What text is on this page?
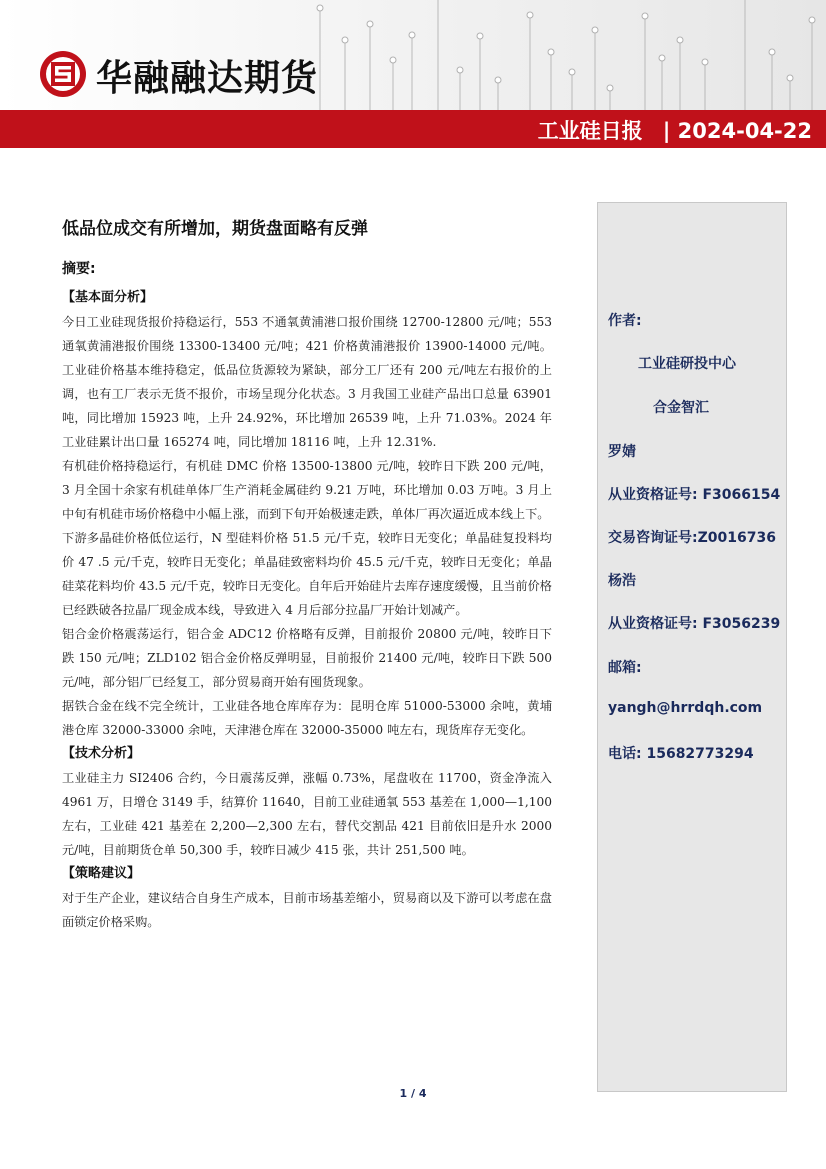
华融融达期货
工业硅日报 | 2024-04-22
低品位成交有所增加，期货盘面略有反弹
摘要:
【基本面分析】

今日工业硅现货报价持稳运行，553 不通氧黄浦港口报价围绕 12700-12800 元/吨；553 通氧黄浦港报价围绕 13300-13400 元/吨；421 价格黄浦港报价 13900-14000 元/吨。工业硅价格基本维持稳定，低品位货源较为紧缺，部分工厂还有 200 元/吨左右报价的上调，也有工厂表示无货不报价，市场呈现分化状态。3 月我国工业硅产品出口总量 63901 吨，同比增加 15923 吨，上升 24.92%，环比增加 26539 吨，上升 71.03%。2024 年工业硅累计出口量 165274 吨，同比增加 18116 吨，上升 12.31%.

有机硅价格持稳运行，有机硅 DMC 价格 13500-13800 元/吨，较昨日下跌 200 元/吨，3 月全国十余家有机硅单体厂生产消耗金属硅约 9.21 万吨，环比增加 0.03 万吨。3 月上中旬有机硅市场价格稳中小幅上涨，而到下旬开始极速走跌，单体厂再次逼近成本线上下。

下游多晶硅价格低位运行，N 型硅料价格 51.5 元/千克，较昨日无变化；单晶硅复投料均价 47 .5 元/千克，较昨日无变化；单晶硅致密料均价 45.5 元/千克，较昨日无变化；单晶硅菜花料均价 43.5 元/千克，较昨日无变化。自年后开始硅片去库存速度缓慢，且当前价格已经跌破各拉晶厂现金成本线，导致进入 4 月后部分拉晶厂开始计划减产。

铝合金价格震荡运行，铝合金 ADC12 价格略有反弹，目前报价 20800 元/吨，较昨日下跌 150 元/吨；ZLD102 铝合金价格反弹明显，目前报价 21400 元/吨，较昨日下跌 500 元/吨，部分铝厂已经复工，部分贸易商开始有囤货现象。

据铁合金在线不完全统计，工业硅各地仓库库存为：昆明仓库 51000-53000 余吨，黄埔港仓库 32000-33000 余吨，天津港仓库在 32000-35000 吨左右，现货库存无变化。

【技术分析】

工业硅主力 SI2406 合约，今日震荡反弹，涨幅 0.73%，尾盘收在 11700，资金净流入 4961 万，日增仓 3149 手，结算价 11640，目前工业硅通氧 553 基差在 1,000—1,100 左右，工业硅 421 基差在 2,200—2,300 左右，替代交割品 421 目前依旧是升水 2000 元/吨，目前期货仓单 50,300 手，较昨日减少 415 张，共计 251,500 吨。

【策略建议】

对于生产企业，建议结合自身生产成本，目前市场基差缩小，贸易商以及下游可以考虑在盘面锁定价格采购。

作者:
工业硅研投中心
合金智汇
罗婧
从业资格证号: F3066154
交易咨询证号:Z0016736
杨浩
从业资格证号: F3056239
邮箱:
yangh@hrrdqh.com
电话: 15682773294
1 / 4
